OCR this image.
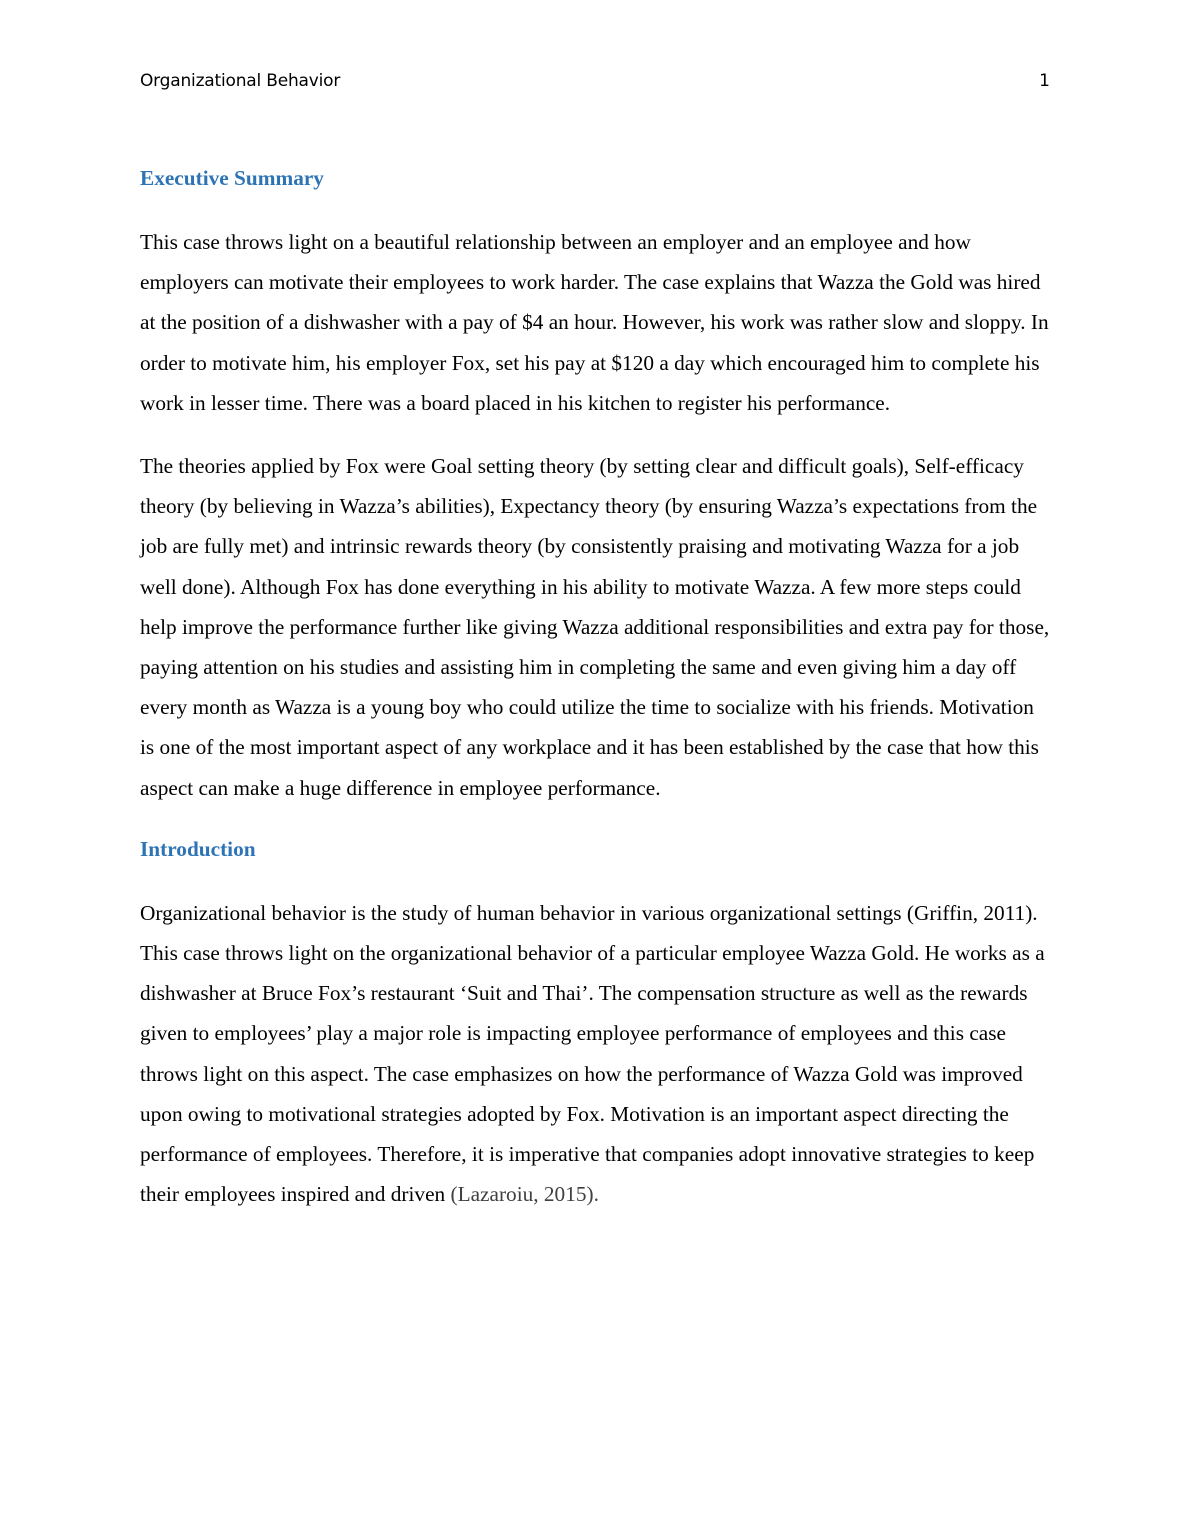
Organizational Behavior	1
Executive Summary

This case throws light on a beautiful relationship between an employer and an employee and how employers can motivate their employees to work harder. The case explains that Wazza the Gold was hired at the position of a dishwasher with a pay of $4 an hour. However, his work was rather slow and sloppy. In order to motivate him, his employer Fox, set his pay at $120 a day which encouraged him to complete his work in lesser time. There was a board placed in his kitchen to register his performance.

The theories applied by Fox were Goal setting theory (by setting clear and difficult goals), Self-efficacy theory (by believing in Wazza’s abilities), Expectancy theory (by ensuring Wazza’s expectations from the job are fully met) and intrinsic rewards theory (by consistently praising and motivating Wazza for a job well done). Although Fox has done everything in his ability to motivate Wazza. A few more steps could help improve the performance further like giving Wazza additional responsibilities and extra pay for those, paying attention on his studies and assisting him in completing the same and even giving him a day off every month as Wazza is a young boy who could utilize the time to socialize with his friends. Motivation is one of the most important aspect of any workplace and it has been established by the case that how this aspect can make a huge difference in employee performance.

Introduction

Organizational behavior is the study of human behavior in various organizational settings (Griffin, 2011). This case throws light on the organizational behavior of a particular employee Wazza Gold. He works as a dishwasher at Bruce Fox’s restaurant ‘Suit and Thai’. The compensation structure as well as the rewards given to employees’ play a major role is impacting employee performance of employees and this case throws light on this aspect. The case emphasizes on how the performance of Wazza Gold was improved upon owing to motivational strategies adopted by Fox. Motivation is an important aspect directing the performance of employees. Therefore, it is imperative that companies adopt innovative strategies to keep their employees inspired and driven (Lazaroiu, 2015).
